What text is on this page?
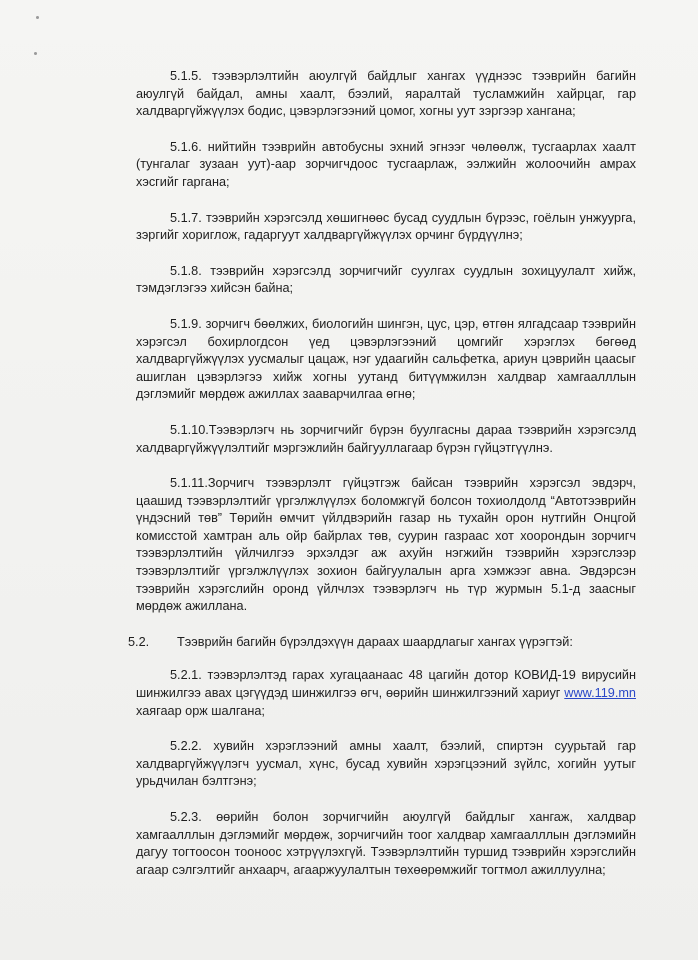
5.1.5. тээвэрлэлтийн аюулгүй байдлыг хангах үүднээс тээврийн багийн аюулгүй байдал, амны хаалт, бээлий, яаралтай тусламжийн хайрцаг, гар халдваргүйжүүлэх бодис, цэвэрлэгээний цомог, хогны уут зэргээр хангана;

5.1.6. нийтийн тээврийн автобусны эхний эгнээг чөлөөлж, тусгаарлах хаалт (тунгалаг зузаан уут)-аар зорчигчдоос тусгаарлаж, ээлжийн жолоочийн амрах хэсгийг гаргана;

5.1.7. тээврийн хэрэгсэлд хөшигнөөс бусад суудлын бүрээс, гоёлын унжуурга, зэргийг хориглож, гадаргуут халдваргүйжүүлэх орчинг бүрдүүлнэ;

5.1.8. тээврийн хэрэгсэлд зорчигчийг суулгах суудлын зохицуулалт хийж, тэмдэглэгээ хийсэн байна;

5.1.9. зорчигч бөөлжих, биологийн шингэн, цус, цэр, өтгөн ялгадсаар тээврийн хэрэгсэл бохирлогдсон үед цэвэрлэгээний цомгийг хэрэглэх бөгөөд халдваргүйжүүлэх уусмалыг цацаж, нэг удаагийн сальфетка, ариун цэврийн цаасыг ашиглан цэвэрлэгээ хийж хогны уутанд битүүмжилэн халдвар хамгаалллын дэглэмийг мөрдөж ажиллах зааварчилгаа өгнө;

5.1.10.Тээвэрлэгч нь зорчигчийг бүрэн буулгасны дараа тээврийн хэрэгсэлд халдваргүйжүүлэлтийг мэргэжлийн байгууллагаар бүрэн гүйцэтгүүлнэ.

5.1.11.Зорчигч тээвэрлэлт гүйцэтгэж байсан тээврийн хэрэгсэл эвдэрч, цаашид тээвэрлэлтийг үргэлжлүүлэх боломжгүй болсон тохиолдолд “Автотээврийн үндэсний төв” Төрийн өмчит үйлдвэрийн газар нь тухайн орон нутгийн Онцгой комисстой хамтран аль ойр байрлах төв, суурин газраас хот хоорондын зорчигч тээвэрлэлтийн үйлчилгээ эрхэлдэг аж ахуйн нэгжийн тээврийн хэрэгслээр тээвэрлэлтийг үргэлжлүүлэх зохион байгуулалын арга хэмжээг авна. Эвдэрсэн тээврийн хэрэгслийн оронд үйлчлэх тээвэрлэгч нь түр журмын 5.1-д заасныг мөрдөж ажиллана.

5.2.	Тээврийн багийн бүрэлдэхүүн дараах шаардлагыг хангах үүрэгтэй:

5.2.1. тээвэрлэлтэд гарах хугацаанаас 48 цагийн дотор КОВИД-19 вирусийн шинжилгээ авах цэгүүдэд шинжилгээ өгч, өөрийн шинжилгээний хариуг www.119.mn хаягаар орж шалгана;

5.2.2. хувийн хэрэглээний амны хаалт, бээлий, спиртэн суурьтай гар халдваргүйжүүлэгч уусмал, хүнс, бусад хувийн хэрэгцээний зүйлс, хогийн уутыг урьдчилан бэлтгэнэ;

5.2.3. өөрийн болон зорчигчийн аюулгүй байдлыг хангаж, халдвар хамгаалллын дэглэмийг мөрдөж, зорчигчийн тоог халдвар хамгаалллын дэглэмийн дагуу тогтоосон тооноос хэтрүүлэхгүй. Тээвэрлэлтийн туршид тээврийн хэрэгслийн агаар сэлгэлтийг анхаарч, агааржуулалтын төхөөрөмжийг тогтмол ажиллуулна;
